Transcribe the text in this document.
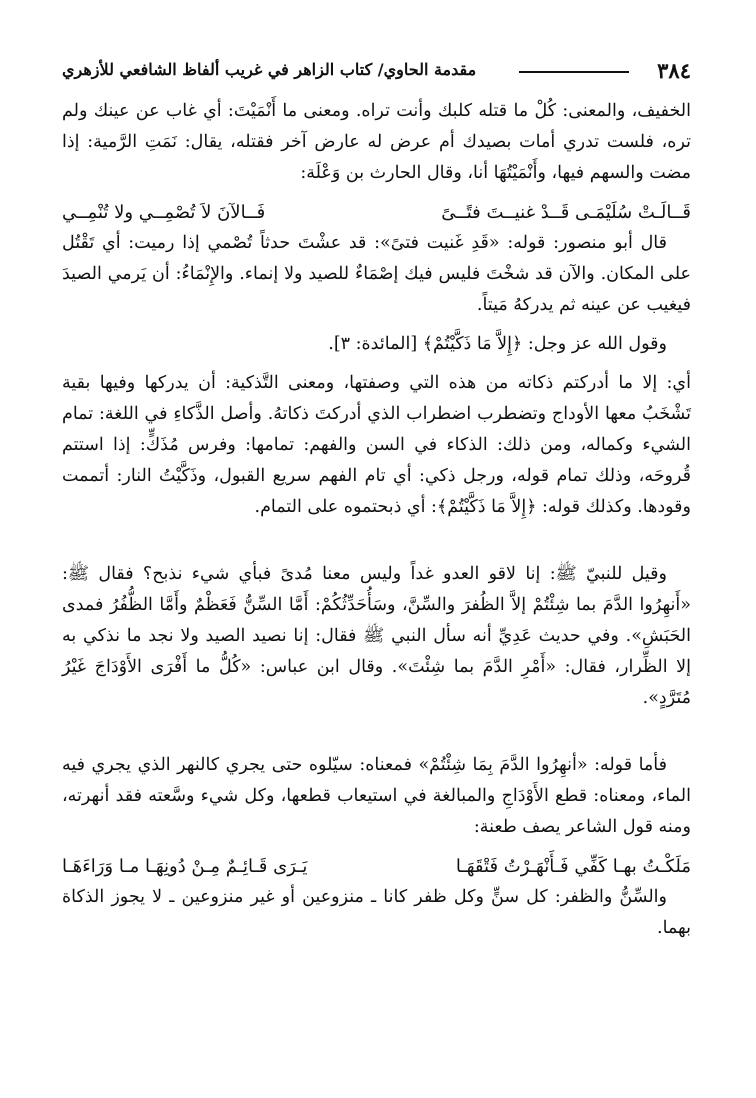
٣٨٤
مقدمة الحاوي/ كتاب الزاهر في غريب ألفاظ الشافعي للأزهري

الخفيف، والمعنى: كُلْ ما قتله كلبك وأنت تراه. ومعنى ما أَنْمَيْتَ: أي غاب عن عينك ولم تره، فلست تدري أمات بصيدك أم عرض له عارض آخر فقتله، يقال: نَمَتِ الرَّمية: إذا مضت والسهم فيها، وأَنْمَيْتُهَا أنا، وقال الحارث بن وَعْلَة:

قَــالَـتْ سُلَيْمَـى قَــدْ غنيــتَ فتًــىً
فَــالآنَ لاَ تُصْمِــي ولا تُنْمِــي

قال أبو منصور: قوله: «قَدِ غَنيت فتىً»: قد عشْتَ حدثاً تُصْمي إذا رميت: أي تَقْتُل على المكان. والآن قد شخْتَ فليس فيك إصْمَاءٌ للصيد ولا إنماء. والإِنْمَاءُ: أن يَرمي الصيدَ فيغيب عن عينه ثم يدركهُ مَيتاً.

وقول الله عز وجل: ﴿إِلاَّ مَا ذَكَّيْتُمْ﴾ [المائدة: ٣].

أي: إلا ما أدركتم ذكاته من هذه التي وصفتها، ومعنى التَّذكية: أن يدركها وفيها بقية تَشْخَبُ معها الأوداج وتضطرب اضطراب الذي أدركتَ ذكاتهُ. وأصل الذَّكاءِ في اللغة: تمام الشيء وكماله، ومن ذلك: الذكاء في السن والفهم: تمامها: وفرس مُذَكٍّ: إذا استتم قُروحَه، وذلك تمام قوله، ورجل ذكي: أي تام الفهم سريع القبول، وذَكَّيْتُ النار: أتممت وقودها. وكذلك قوله: ﴿إِلاَّ مَا ذَكَّيْتُمْ﴾: أي ذبحتموه على التمام.

وقيل للنبيّ ﷺ: إنا لاقو العدو غداً وليس معنا مُدىً فبأي شيء نذبح؟ فقال ﷺ: «أَنهِرُوا الدَّمَ بما شِئْتُمْ إلاَّ الظُفرَ والسِّنَّ، وسَأُحَدِّثُكُمْ: أَمَّا السِّنُّ فَعَظْمٌ وأَمَّا الظُّفُرُ فمدى الحَبَشِ». وفي حديث عَدِيِّ أنه سأل النبي ﷺ فقال: إنا نصيد الصيد ولا نجد ما نذكي به إلا الظِّرار، فقال: «أَمْرِ الدَّمَ بما شِئْتَ». وقال ابن عباس: «كُلُّ ما أَفْرَى الأَوْدَاجَ غَيْرُ مُتَرَّدٍ».

فأما قوله: «أنهِرُوا الدَّمَ بِمَا شِئْتُمْ» فمعناه: سيّلوه حتى يجري كالنهر الذي يجري فيه الماء، ومعناه: قطع الأَوْدَاجِ والمبالغة في استيعاب قطعها، وكل شيء وسَّعته فقد أنهرته، ومنه قول الشاعر يصف طعنة:

مَلَكْـتُ بهـا كَفِّي فَـأَنْهَـرْتُ فَتْقَهَـا
يَـرَى قَـائِـمٌ مِـنْ دُونِهَـا مـا وَرَاءَهَـا

والسِّنُّ والظفر: كل سنٍّ وكل ظفر كانا ـ منزوعين أو غير منزوعين ـ لا يجوز الذكاة بهما.
